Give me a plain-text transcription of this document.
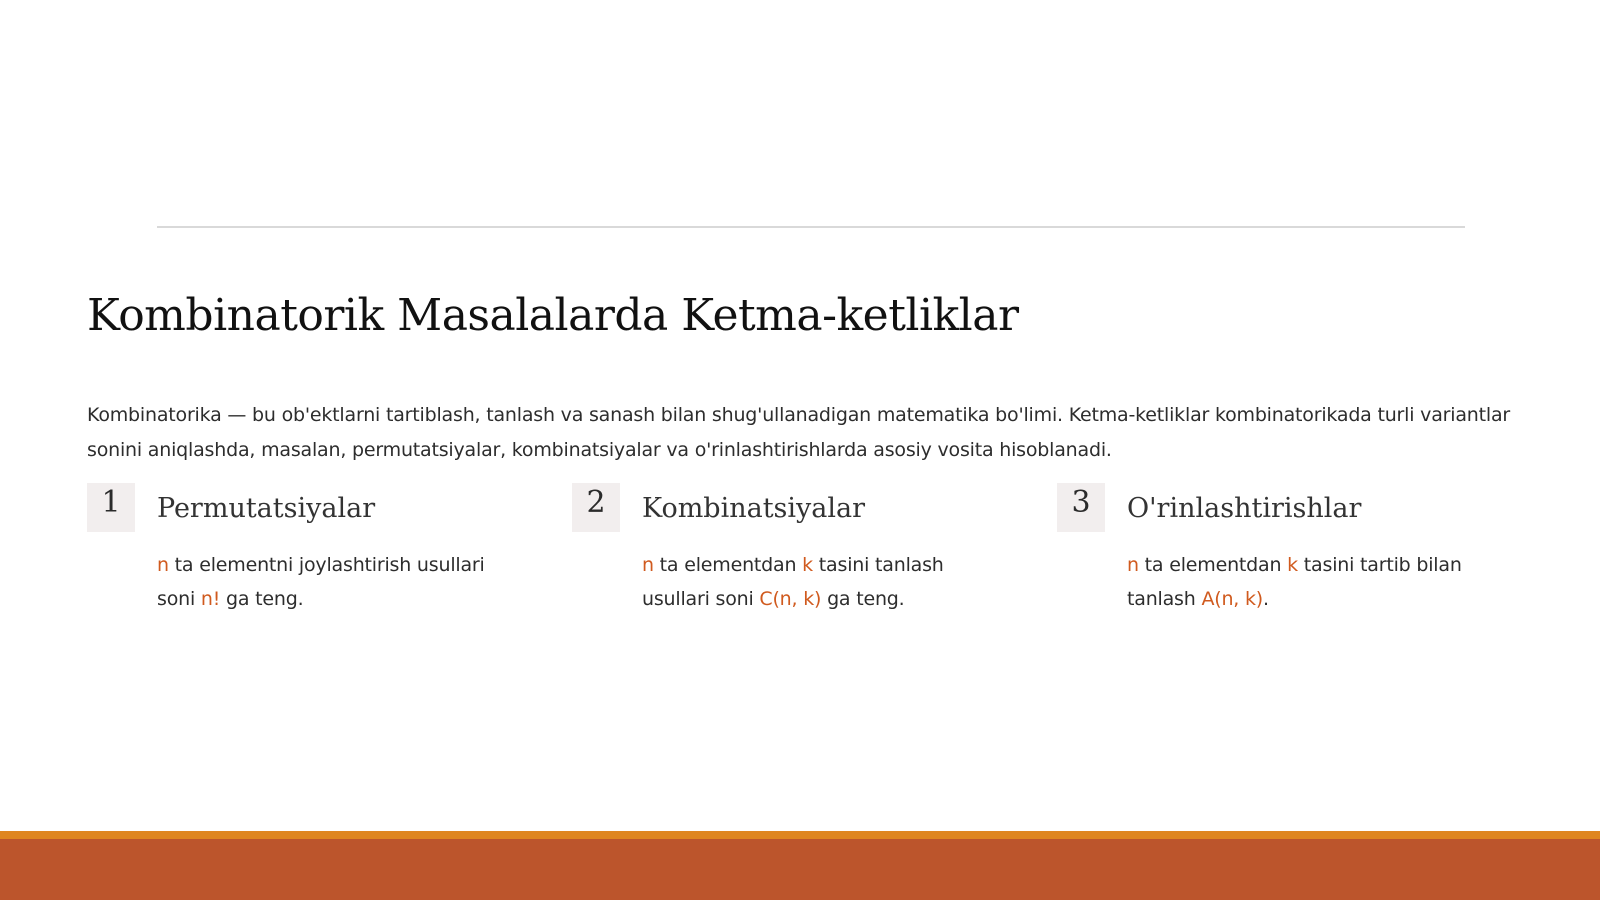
Kombinatorik Masalalarda Ketma-ketliklar

Kombinatorika — bu ob'ektlarni tartiblash, tanlash va sanash bilan shug'ullanadigan matematika bo'limi. Ketma-ketliklar kombinatorikada turli variantlar sonini aniqlashda, masalan, permutatsiyalar, kombinatsiyalar va o'rinlashtirishlarda asosiy vosita hisoblanadi.

1	Permutatsiyalar

n ta elementni joylashtirish usullari soni n! ga teng.

2	Kombinatsiyalar

n ta elementdan k tasini tanlash usullari soni C(n, k) ga teng.

3	O'rinlashtirishlar

n ta elementdan k tasini tartib bilan tanlash A(n, k).
